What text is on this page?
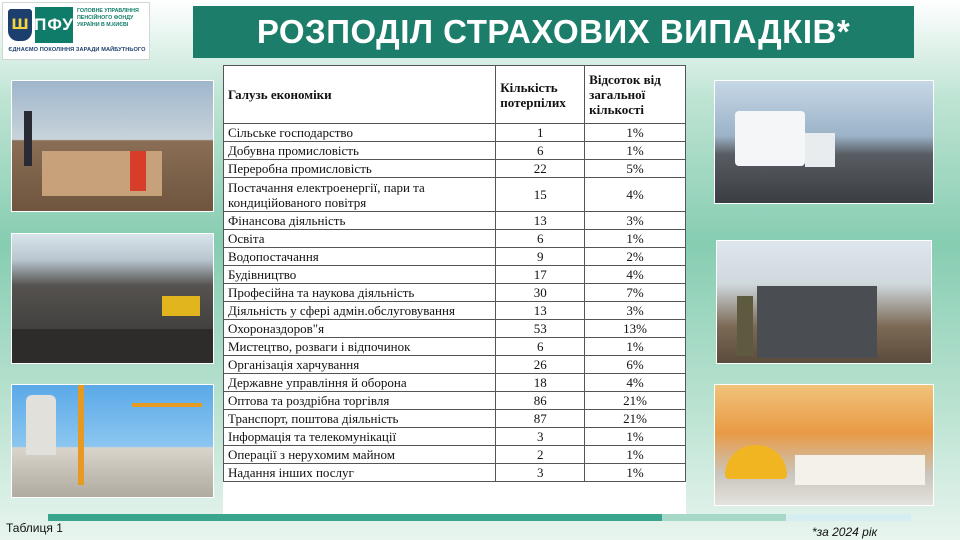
Ш ПФУ
ГОЛОВНЕ УПРАВЛІННЯ ПЕНСІЙНОГО ФОНДУ УКРАЇНИ В М.КИЄВІ
ЄДНАЄМО ПОКОЛІННЯ ЗАРАДИ МАЙБУТНЬОГО	РОЗПОДІЛ СТРАХОВИХ ВИПАДКІВ*
Галузь економіки	Кількість потерпілих	Відсоток від загальної кількості
Сільське господарство	1	1%
Добувна промисловість	6	1%
Переробна промисловість	22	5%
Постачання електроенергії, пари та кондиційованого повітря	15	4%
Фінансова діяльність	13	3%
Освіта	6	1%
Водопостачання	9	2%
Будівництво	17	4%
Професійна та наукова діяльність	30	7%
Діяльність у сфері адмін.обслуговування	13	3%
Охороназдоров"я	53	13%
Мистецтво, розваги і відпочинок	6	1%
Організація харчування	26	6%
Державне управління й оборона	18	4%
Оптова та роздрібна торгівля	86	21%
Транспорт, поштова діяльність	87	21%
Інформація та телекомунікації	3	1%
Операції з нерухомим майном	2	1%
Надання інших послуг	3	1%
Таблиця 1	*за 2024 рік
